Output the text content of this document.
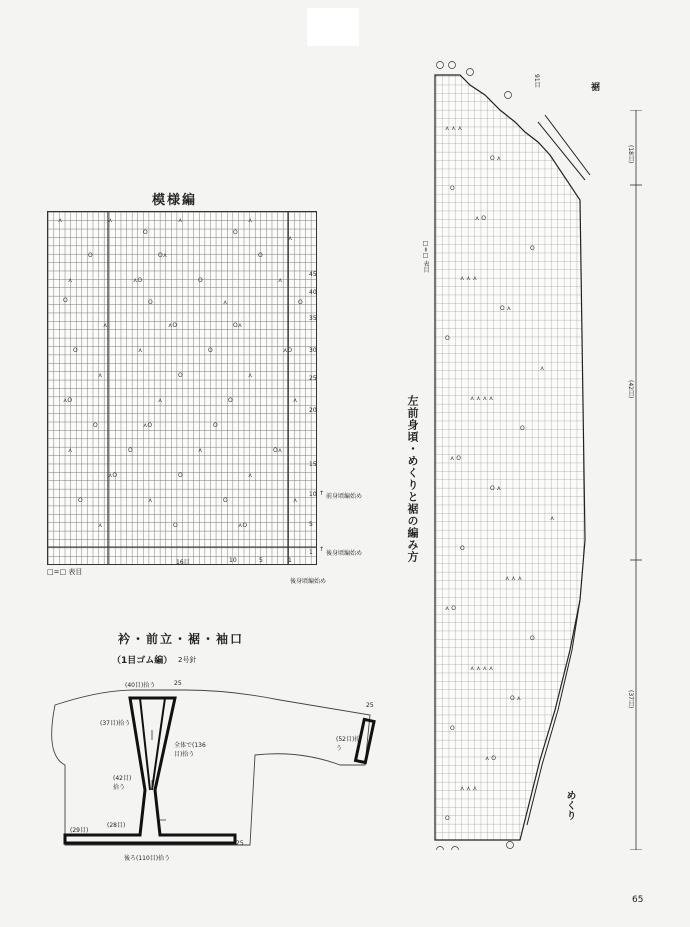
模様編
⋏	⋏	⋏	⋏
O	O
⋏
O	O⋏	O
⋏	⋏O	O	⋏
O	O	⋏	O
⋏	⋏O	O⋏
O	⋏	O	⋏O
⋏	O	⋏
⋏O	⋏	O	⋏
O	⋏O	O
⋏	O	⋏	O⋏
⋏O	O	⋏
O	⋏	O	⋏
⋏	O	⋏O
45
40
35
30
25
20
15
10
5
1
16目	10	5	1
↑ 前身頃編始め
↑
後身頃編始め
後身頃編始め
□=□ 表目
衿・前立・裾・袖口
（1目ゴム編） 2号針
(40目)拾う	25
(37目)拾う
(42目)拾う
全体で(136目)拾う
(28目)
(29目)
後ろ(110目)拾う
25
(52目)拾う
25
⋏ ⋏ ⋏
O ⋏
O
⋏ O
O
⋏ ⋏ ⋏
O ⋏
O
⋏
⋏ ⋏ ⋏ ⋏
O
⋏ O
O ⋏
⋏
O
⋏ ⋏ ⋏
⋏ O
O
⋏ ⋏ ⋏ ⋏
O ⋏
O
⋏ O
⋏ ⋏ ⋏
O
(18目)
(42目)
(37目)
左前身頃・めくりと裾の編み方
□=□ 表目
裾
めくり
91目
65
